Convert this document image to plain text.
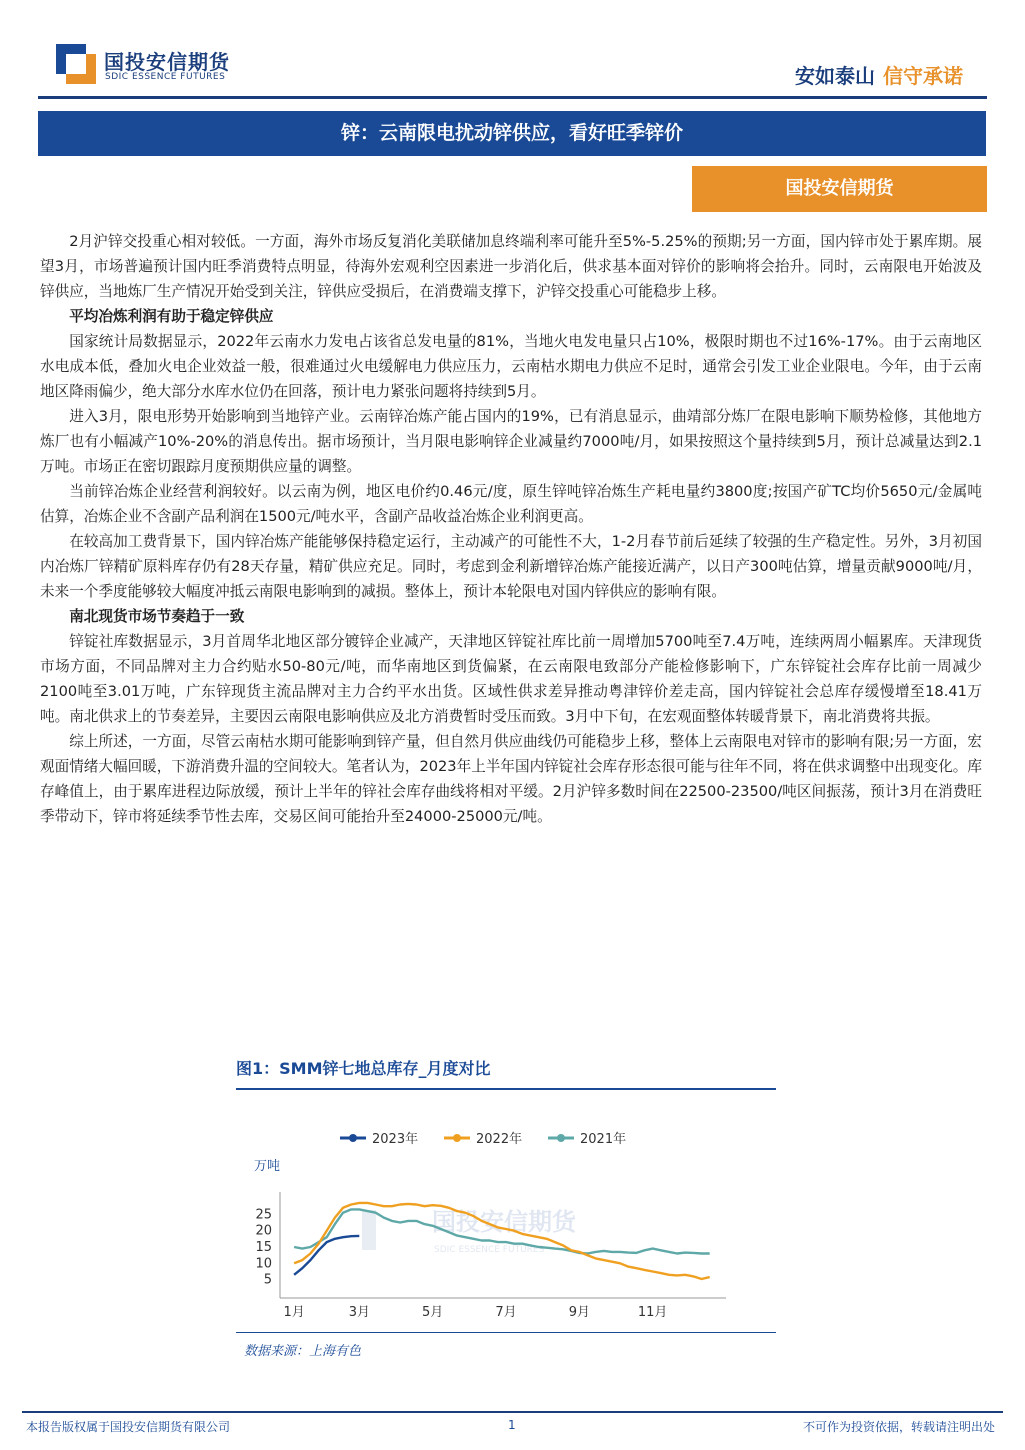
国投安信期货
SDIC ESSENCE FUTURES	安如泰山 信守承诺
锌：云南限电扰动锌供应，看好旺季锌价
国投安信期货

2月沪锌交投重心相对较低。一方面，海外市场反复消化美联储加息终端利率可能升至5%-5.25%的预期;另一方面，国内锌市处于累库期。展望3月，市场普遍预计国内旺季消费特点明显，待海外宏观利空因素进一步消化后，供求基本面对锌价的影响将会抬升。同时，云南限电开始波及锌供应，当地炼厂生产情况开始受到关注，锌供应受损后，在消费端支撑下，沪锌交投重心可能稳步上移。

平均冶炼利润有助于稳定锌供应

国家统计局数据显示，2022年云南水力发电占该省总发电量的81%，当地火电发电量只占10%，极限时期也不过16%-17%。由于云南地区水电成本低，叠加火电企业效益一般，很难通过火电缓解电力供应压力，云南枯水期电力供应不足时，通常会引发工业企业限电。今年，由于云南地区降雨偏少，绝大部分水库水位仍在回落，预计电力紧张问题将持续到5月。

进入3月，限电形势开始影响到当地锌产业。云南锌冶炼产能占国内的19%，已有消息显示，曲靖部分炼厂在限电影响下顺势检修，其他地方炼厂也有小幅减产10%-20%的消息传出。据市场预计，当月限电影响锌企业减量约7000吨/月，如果按照这个量持续到5月，预计总减量达到2.1万吨。市场正在密切跟踪月度预期供应量的调整。

当前锌冶炼企业经营利润较好。以云南为例，地区电价约0.46元/度，原生锌吨锌冶炼生产耗电量约3800度;按国产矿TC均价5650元/金属吨估算，冶炼企业不含副产品利润在1500元/吨水平，含副产品收益冶炼企业利润更高。

在较高加工费背景下，国内锌冶炼产能能够保持稳定运行，主动减产的可能性不大，1-2月春节前后延续了较强的生产稳定性。另外，3月初国内冶炼厂锌精矿原料库存仍有28天存量，精矿供应充足。同时，考虑到金利新增锌冶炼产能接近满产，以日产300吨估算，增量贡献9000吨/月，未来一个季度能够较大幅度冲抵云南限电影响到的减损。整体上，预计本轮限电对国内锌供应的影响有限。

南北现货市场节奏趋于一致

锌锭社库数据显示，3月首周华北地区部分镀锌企业减产，天津地区锌锭社库比前一周增加5700吨至7.4万吨，连续两周小幅累库。天津现货市场方面，不同品牌对主力合约贴水50-80元/吨，而华南地区到货偏紧，在云南限电致部分产能检修影响下，广东锌锭社会库存比前一周减少2100吨至3.01万吨，广东锌现货主流品牌对主力合约平水出货。区域性供求差异推动粤津锌价差走高，国内锌锭社会总库存缓慢增至18.41万吨。南北供求上的节奏差异，主要因云南限电影响供应及北方消费暂时受压而致。3月中下旬，在宏观面整体转暖背景下，南北消费将共振。

综上所述，一方面，尽管云南枯水期可能影响到锌产量，但自然月供应曲线仍可能稳步上移，整体上云南限电对锌市的影响有限;另一方面，宏观面情绪大幅回暖，下游消费升温的空间较大。笔者认为，2023年上半年国内锌锭社会库存形态很可能与往年不同，将在供求调整中出现变化。库存峰值上，由于累库进程边际放缓，预计上半年的锌社会库存曲线将相对平缓。2月沪锌多数时间在22500-23500/吨区间振荡，预计3月在消费旺季带动下，锌市将延续季节性去库，交易区间可能抬升至24000-25000元/吨。

图1：SMM锌七地总库存_月度对比
国投安信期货
SDIC ESSENCE FUTURES
2023年	2022年	2021年
万吨
5
10
15
20
25
1月	3月	5月	7月	9月	11月
数据来源：上海有色
本报告版权属于国投安信期货有限公司	1	不可作为投资依据，转载请注明出处
